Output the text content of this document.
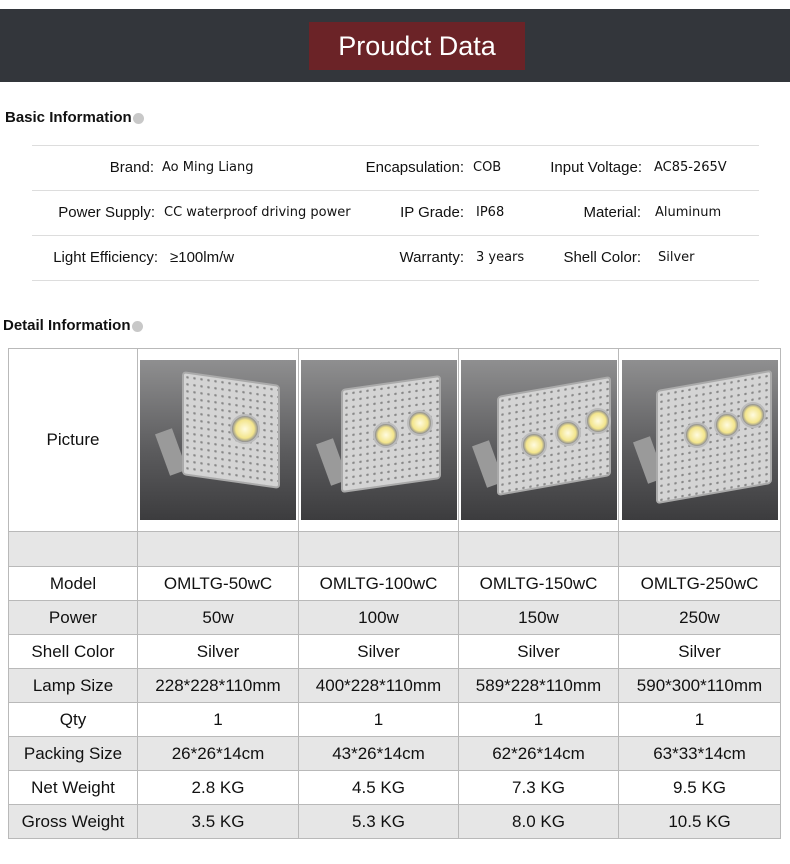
Proudct Data
Basic Information
Brand: Ao Ming Liang	Encapsulation: COB	Input Voltage: AC85-265V
Power Supply: CC waterproof driving power	IP Grade: IP68	Material: Aluminum
Light Efficiency: ≥100lm/w	Warranty: 3 years	Shell Color: Silver
Detail Information
Picture	

Model	OMLTG-50wC	OMLTG-100wC	OMLTG-150wC	OMLTG-250wC
Power	50w	100w	150w	250w
Shell Color	Silver	Silver	Silver	Silver
Lamp Size	228*228*110mm	400*228*110mm	589*228*110mm	590*300*110mm
Qty	1	1	1	1
Packing Size	26*26*14cm	43*26*14cm	62*26*14cm	63*33*14cm
Net Weight	2.8 KG	4.5 KG	7.3 KG	9.5 KG
Gross Weight	3.5 KG	5.3 KG	8.0 KG	10.5 KG
